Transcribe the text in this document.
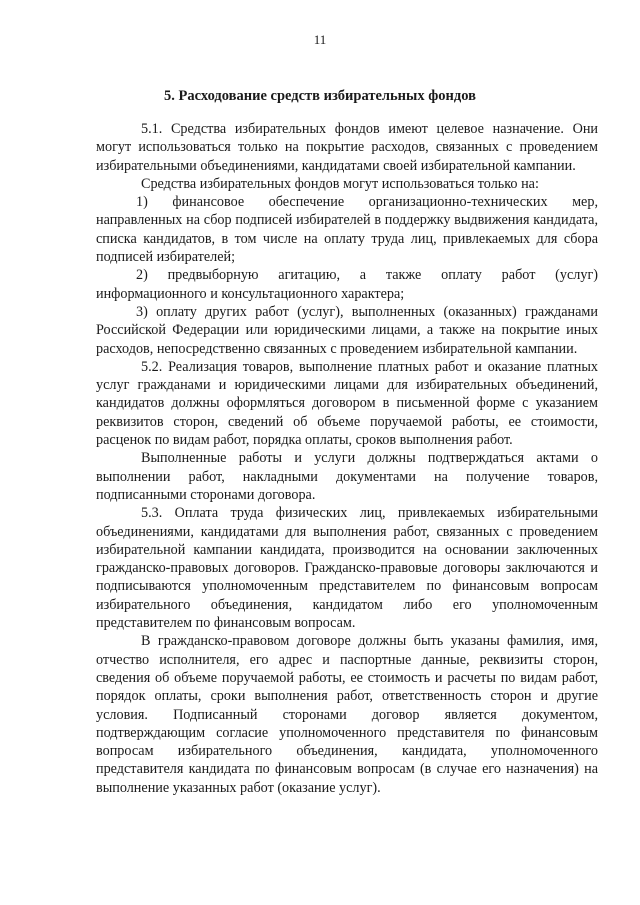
11
5. Расходование средств избирательных фондов

5.1. Средства избирательных фондов имеют целевое назначение. Они могут использоваться только на покрытие расходов, связанных с проведением избирательными объединениями, кандидатами своей избирательной кампании.

Средства избирательных фондов могут использоваться только на:

1) финансовое обеспечение организационно-технических мер, направленных на сбор подписей избирателей в поддержку выдвижения кандидата, списка кандидатов, в том числе на оплату труда лиц, привлекаемых для сбора подписей избирателей;

2) предвыборную агитацию, а также оплату работ (услуг) информационного и консультационного характера;

3) оплату других работ (услуг), выполненных (оказанных) гражданами Российской Федерации или юридическими лицами, а также на покрытие иных расходов, непосредственно связанных с проведением избирательной кампании.

5.2. Реализация товаров, выполнение платных работ и оказание платных услуг гражданами и юридическими лицами для избирательных объединений, кандидатов должны оформляться договором в письменной форме с указанием реквизитов сторон, сведений об объеме поручаемой работы, ее стоимости, расценок по видам работ, порядка оплаты, сроков выполнения работ.

Выполненные работы и услуги должны подтверждаться актами о выполнении работ, накладными документами на получение товаров, подписанными сторонами договора.

5.3. Оплата труда физических лиц, привлекаемых избирательными объединениями, кандидатами для выполнения работ, связанных с проведением избирательной кампании кандидата, производится на основании заключенных гражданско-правовых договоров. Гражданско-правовые договоры заключаются и подписываются уполномоченным представителем по финансовым вопросам избирательного объединения, кандидатом либо его уполномоченным представителем по финансовым вопросам.

В гражданско-правовом договоре должны быть указаны фамилия, имя, отчество исполнителя, его адрес и паспортные данные, реквизиты сторон, сведения об объеме поручаемой работы, ее стоимость и расчеты по видам работ, порядок оплаты, сроки выполнения работ, ответственность сторон и другие условия. Подписанный сторонами договор является документом, подтверждающим согласие уполномоченного представителя по финансовым вопросам избирательного объединения, кандидата, уполномоченного представителя кандидата по финансовым вопросам (в случае его назначения) на выполнение указанных работ (оказание услуг).
